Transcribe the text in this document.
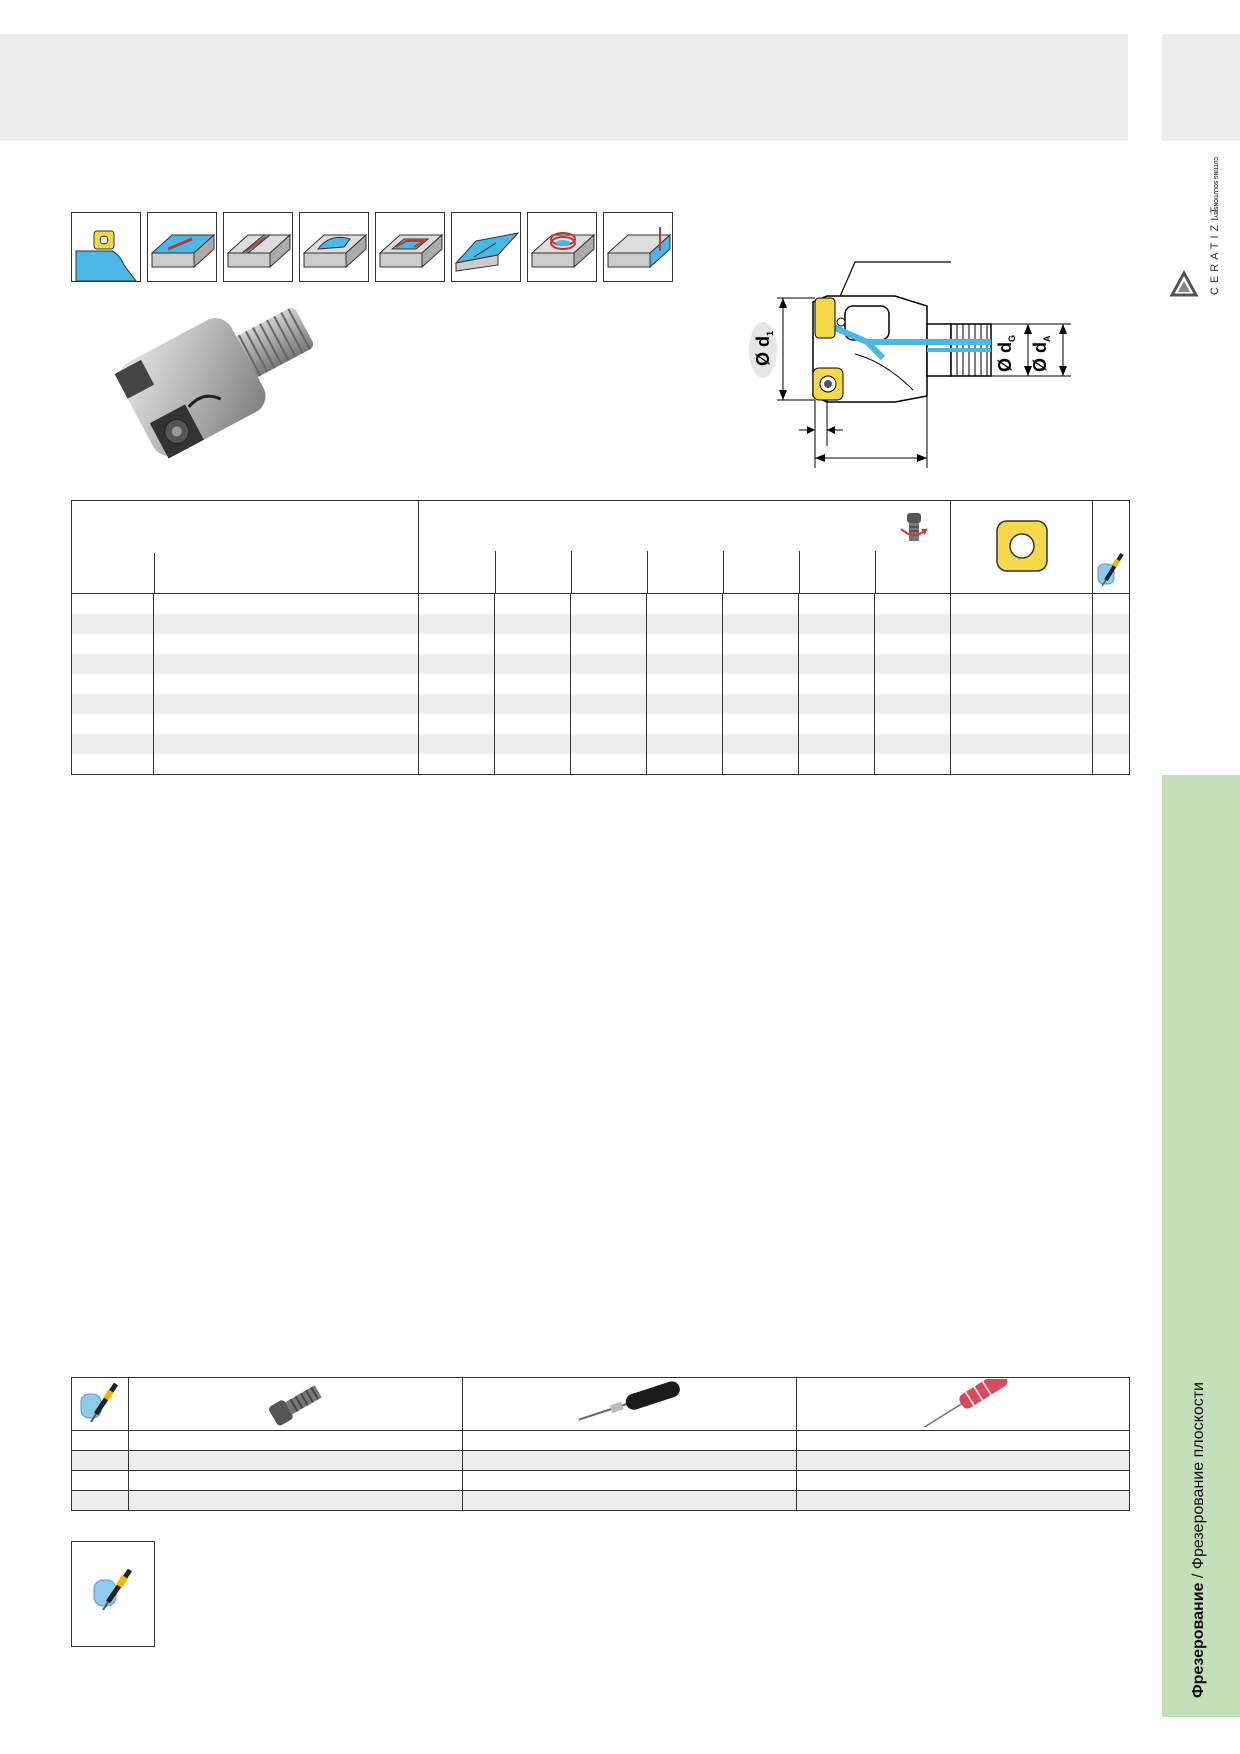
CUTTING SOLUTIONS BY
CERATIZIT
Фрезерование / Фрезерование плоскости
Ø $d_1$
Ø $d_G$
Ø $d_A$
